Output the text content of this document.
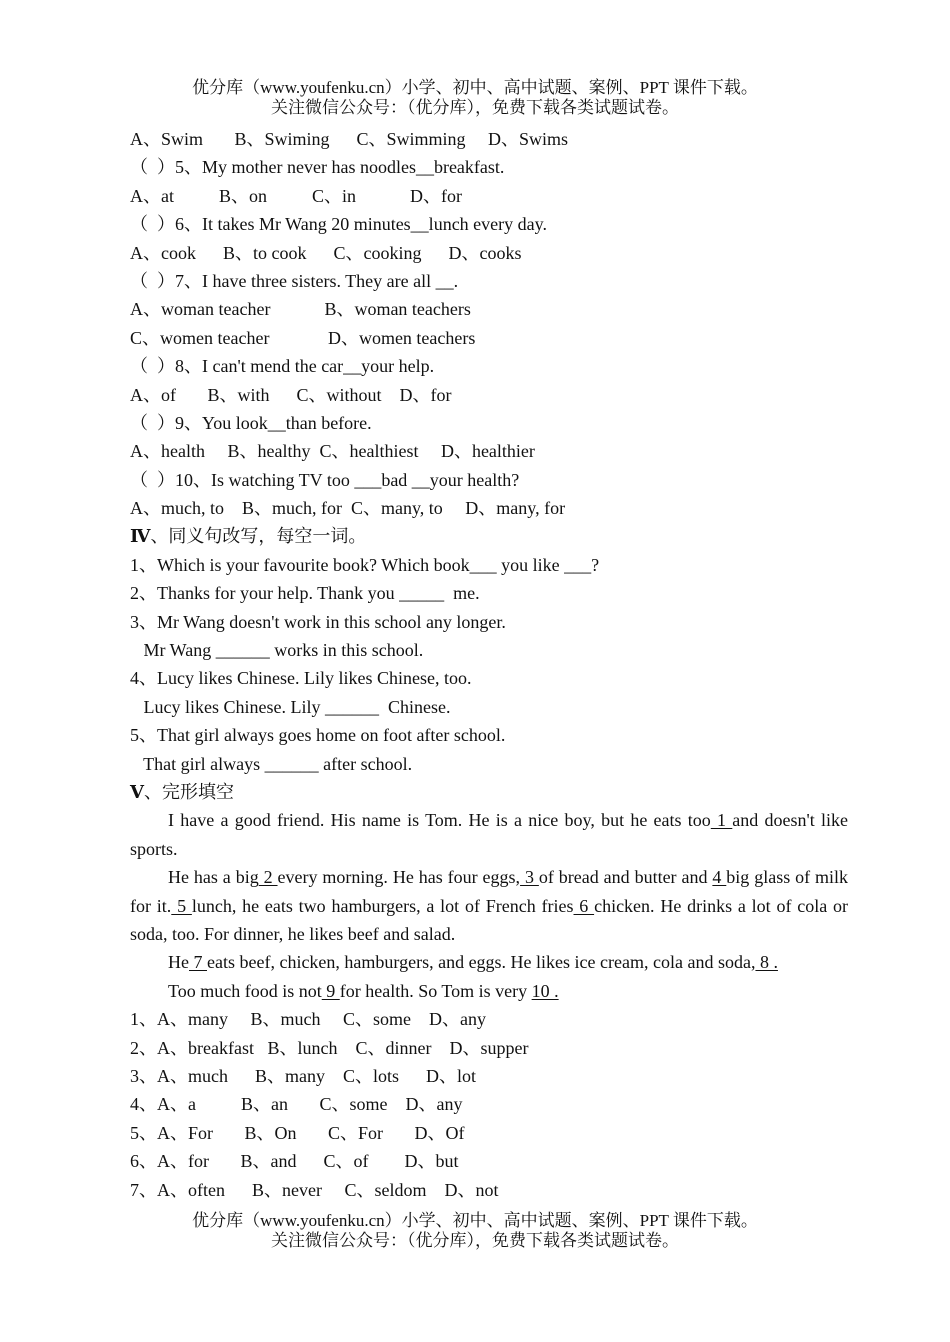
优分库（www.youfenku.cn）小学、初中、高中试题、案例、PPT 课件下载。
关注微信公众号：（优分库），免费下载各类试题试卷。
A、Swim       B、Swiming      C、Swimming     D、Swims
（  ）5、My mother never has noodles__breakfast.
A、at          B、on          C、in            D、for
（  ）6、It takes Mr Wang 20 minutes__lunch every day.
A、cook      B、to cook      C、cooking      D、cooks
（  ）7、I have three sisters. They are all __.
A、woman teacher            B、woman teachers
C、women teacher             D、women teachers
（  ）8、I can't mend the car__your help.
A、of       B、with      C、without    D、for
（  ）9、You look__than before.
A、health     B、healthy  C、healthiest     D、healthier
（  ）10、Is watching TV too ___bad __your health?
A、much, to    B、much, for  C、many, to     D、many, for
Ⅳ、同义句改写，每空一词。
1、Which is your favourite book? Which book___ you like ___?
2、Thanks for your help. Thank you _____  me.
3、Mr Wang doesn't work in this school any longer.
Mr Wang ______ works in this school.
4、Lucy likes Chinese. Lily likes Chinese, too.
Lucy likes Chinese. Lily ______  Chinese.
5、That girl always goes home on foot after school.
That girl always ______ after school.
Ⅴ、完形填空
I have a good friend. His name is Tom. He is a nice boy, but he eats too 1 and doesn't like sports.
He has a big 2 every morning. He has four eggs, 3 of bread and butter and 4 big glass of milk for it. 5 lunch, he eats two hamburgers, a lot of French fries 6 chicken. He drinks a lot of cola or soda, too. For dinner, he likes beef and salad.
He 7 eats beef, chicken, hamburgers, and eggs. He likes ice cream, cola and soda, 8 .
Too much food is not 9 for health. So Tom is very 10 .
1、A、many     B、much     C、some    D、any
2、A、breakfast   B、lunch    C、dinner    D、supper
3、A、much      B、many    C、lots      D、lot
4、A、a          B、an       C、some    D、any
5、A、For       B、On       C、For       D、Of
6、A、for       B、and      C、of        D、but
7、A、often      B、never     C、seldom    D、not
优分库（www.youfenku.cn）小学、初中、高中试题、案例、PPT 课件下载。
关注微信公众号：（优分库），免费下载各类试题试卷。
